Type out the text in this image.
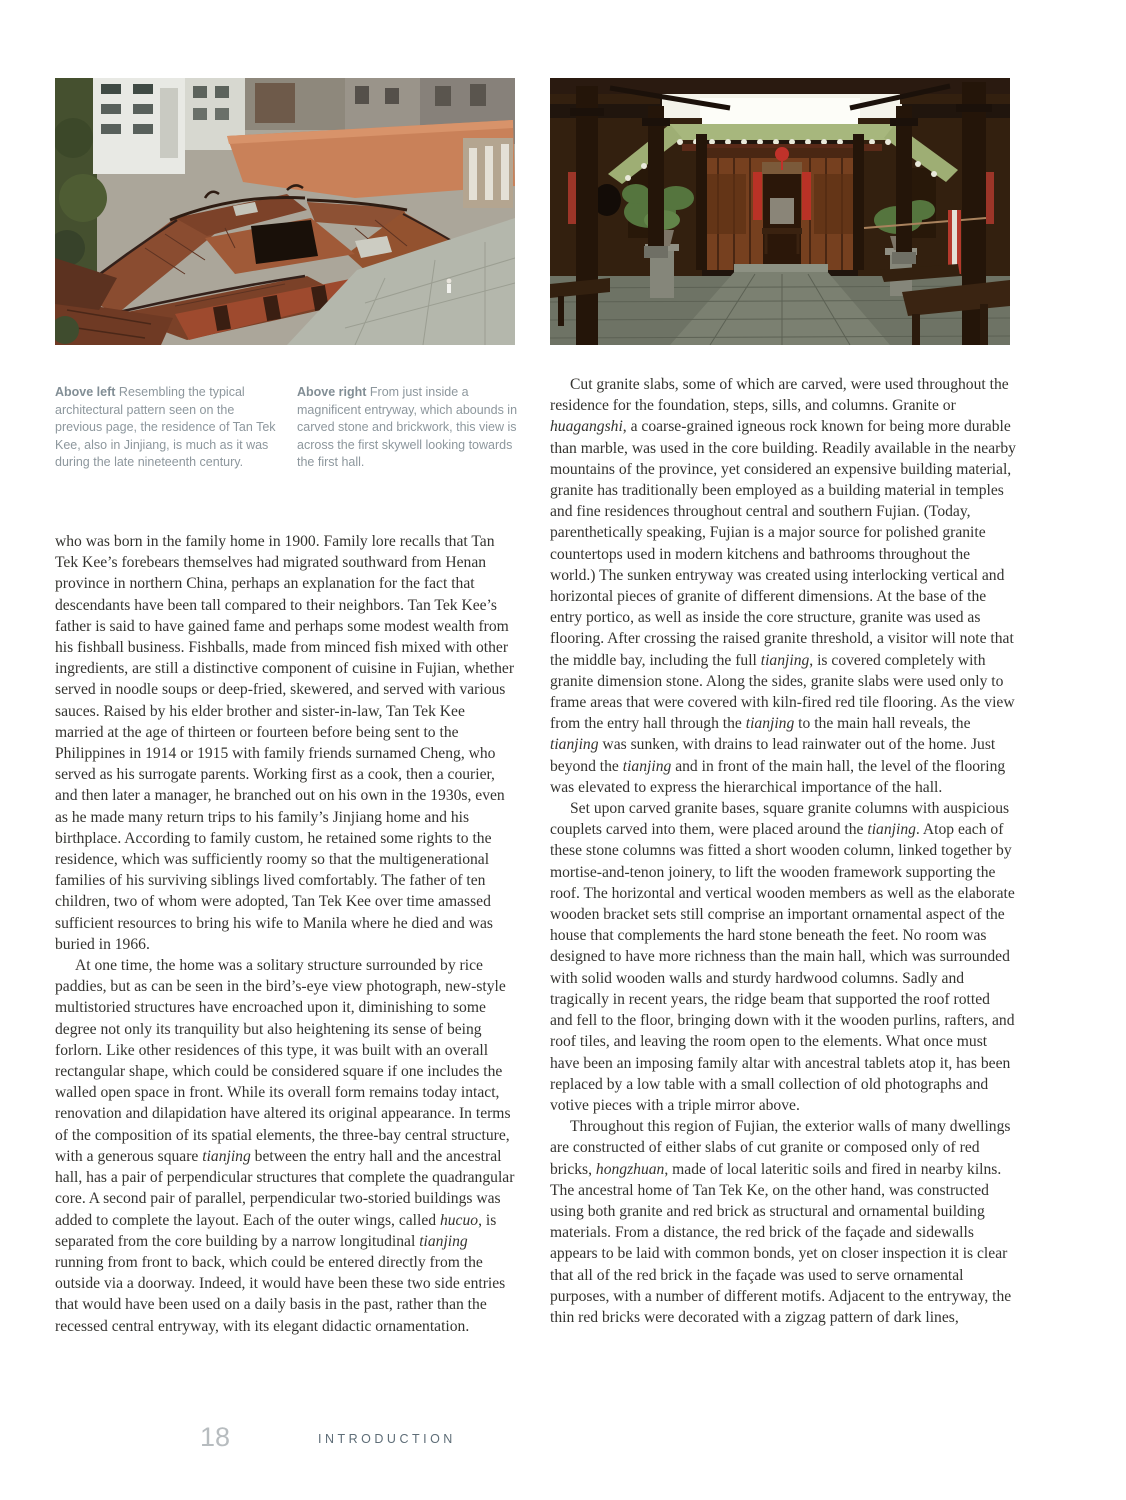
Above left Resembling the typical architectural pattern seen on the previous page, the residence of Tan Tek Kee, also in Jinjiang, is much as it was during the late nineteenth century.
Above right From just inside a magnificent entryway, which abounds in carved stone and brickwork, this view is across the first skywell looking towards the first hall.

who was born in the family home in 1900. Family lore recalls that Tan Tek Kee’s forebears themselves had migrated southward from Henan province in northern China, perhaps an explanation for the fact that descendants have been tall compared to their neighbors. Tan Tek Kee’s father is said to have gained fame and perhaps some modest wealth from his fishball business. Fishballs, made from minced fish mixed with other ingredients, are still a distinctive component of cuisine in Fujian, whether served in noodle soups or deep-fried, skewered, and served with various sauces. Raised by his elder brother and sister-in-law, Tan Tek Kee married at the age of thirteen or fourteen before being sent to the Philippines in 1914 or 1915 with family friends surnamed Cheng, who served as his surrogate parents. Working first as a cook, then a courier, and then later a manager, he branched out on his own in the 1930s, even as he made many return trips to his family’s Jinjiang home and his birthplace. According to family custom, he retained some rights to the residence, which was sufficiently roomy so that the multigenerational families of his surviving siblings lived comfortably. The father of ten children, two of whom were adopted, Tan Tek Kee over time amassed sufficient resources to bring his wife to Manila where he died and was buried in 1966.

At one time, the home was a solitary structure surrounded by rice paddies, but as can be seen in the bird’s-eye view photograph, new-style multistoried structures have encroached upon it, diminishing to some degree not only its tranquility but also heightening its sense of being forlorn. Like other residences of this type, it was built with an overall rectangular shape, which could be considered square if one includes the walled open space in front. While its overall form remains today intact, renovation and dilapidation have altered its original appearance. In terms of the composition of its spatial elements, the three-bay central structure, with a generous square tianjing between the entry hall and the ancestral hall, has a pair of perpendicular structures that complete the quadrangular core. A second pair of parallel, perpendicular two-storied buildings was added to complete the layout. Each of the outer wings, called hucuo, is separated from the core building by a narrow longitudinal tianjing running from front to back, which could be entered directly from the outside via a doorway. Indeed, it would have been these two side entries that would have been used on a daily basis in the past, rather than the recessed central entryway, with its elegant didactic ornamentation.

Cut granite slabs, some of which are carved, were used throughout the residence for the foundation, steps, sills, and columns. Granite or huagangshi, a coarse-grained igneous rock known for being more durable than marble, was used in the core building. Readily available in the nearby mountains of the province, yet considered an expensive building material, granite has traditionally been employed as a building material in temples and fine residences throughout central and southern Fujian. (Today, parenthetically speaking, Fujian is a major source for polished granite countertops used in modern kitchens and bathrooms throughout the world.) The sunken entryway was created using interlocking vertical and horizontal pieces of granite of different dimensions. At the base of the entry portico, as well as inside the core structure, granite was used as flooring. After crossing the raised granite threshold, a visitor will note that the middle bay, including the full tianjing, is covered completely with granite dimension stone. Along the sides, granite slabs were used only to frame areas that were covered with kiln-fired red tile flooring. As the view from the entry hall through the tianjing to the main hall reveals, the tianjing was sunken, with drains to lead rainwater out of the home. Just beyond the tianjing and in front of the main hall, the level of the flooring was elevated to express the hierarchical importance of the hall.

Set upon carved granite bases, square granite columns with auspicious couplets carved into them, were placed around the tianjing. Atop each of these stone columns was fitted a short wooden column, linked together by mortise-and-tenon joinery, to lift the wooden framework supporting the roof. The horizontal and vertical wooden members as well as the elaborate wooden bracket sets still comprise an important ornamental aspect of the house that complements the hard stone beneath the feet. No room was designed to have more richness than the main hall, which was surrounded with solid wooden walls and sturdy hardwood columns. Sadly and tragically in recent years, the ridge beam that supported the roof rotted and fell to the floor, bringing down with it the wooden purlins, rafters, and roof tiles, and leaving the room open to the elements. What once must have been an imposing family altar with ancestral tablets atop it, has been replaced by a low table with a small collection of old photographs and votive pieces with a triple mirror above.

Throughout this region of Fujian, the exterior walls of many dwellings are constructed of either slabs of cut granite or composed only of red bricks, hongzhuan, made of local lateritic soils and fired in nearby kilns. The ancestral home of Tan Tek Ke, on the other hand, was constructed using both granite and red brick as structural and ornamental building materials. From a distance, the red brick of the façade and sidewalls appears to be laid with common bonds, yet on closer inspection it is clear that all of the red brick in the façade was used to serve ornamental purposes, with a number of different motifs. Adjacent to the entryway, the thin red bricks were decorated with a zigzag pattern of dark lines,

18	INTRODUCTION
